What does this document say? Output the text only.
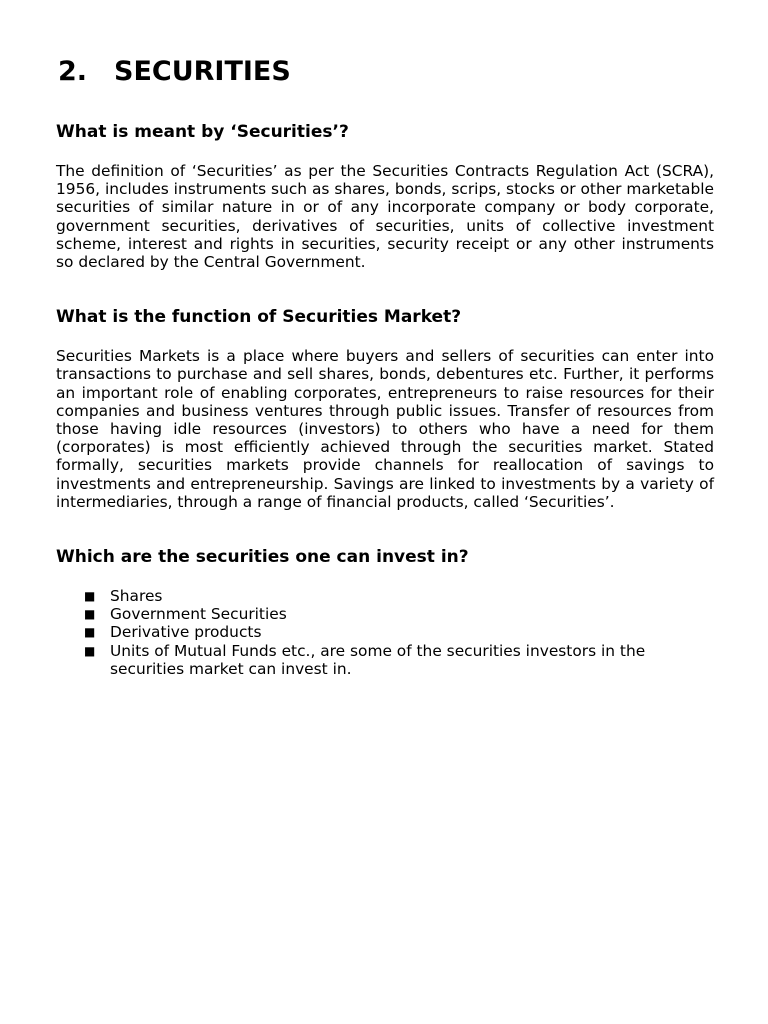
2. SECURITIES
What is meant by ‘Securities’?

The definition of ‘Securities’ as per the Securities Contracts Regulation Act (SCRA), 1956, includes instruments such as shares, bonds, scrips, stocks or other marketable securities of similar nature in or of any incorporate company or body corporate, government securities, derivatives of securities, units of collective investment scheme, interest and rights in securities, security receipt or any other instruments so declared by the Central Government.

What is the function of Securities Market?

Securities Markets is a place where buyers and sellers of securities can enter into transactions to purchase and sell shares, bonds, debentures etc. Further, it performs an important role of enabling corporates, entrepreneurs to raise resources for their companies and business ventures through public issues. Transfer of resources from those having idle resources (investors) to others who have a need for them (corporates) is most efficiently achieved through the securities market. Stated formally, securities markets provide channels for reallocation of savings to investments and entrepreneurship. Savings are linked to investments by a variety of intermediaries, through a range of financial products, called ‘Securities’.

Which are the securities one can invest in?
■ Shares
■ Government Securities
■ Derivative products
■ Units of Mutual Funds etc., are some of the securities investors in the securities market can invest in.
